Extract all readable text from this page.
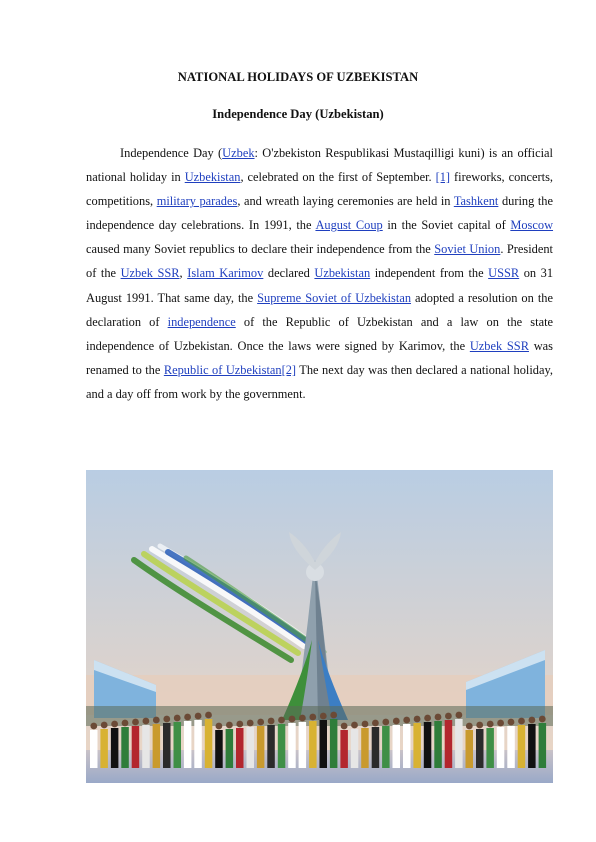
NATIONAL HOLIDAYS OF UZBEKISTAN
Independence Day (Uzbekistan)

Independence Day (Uzbek: O'zbekiston Respublikasi Mustaqilligi kuni) is an official national holiday in Uzbekistan, celebrated on the first of September. [1] fireworks, concerts, competitions, military parades, and wreath laying ceremonies are held in Tashkent during the independence day celebrations. In 1991, the August Coup in the Soviet capital of Moscow caused many Soviet republics to declare their independence from the Soviet Union. President of the Uzbek SSR, Islam Karimov declared Uzbekistan independent from the USSR on 31 August 1991. That same day, the Supreme Soviet of Uzbekistan adopted a resolution on the declaration of independence of the Republic of Uzbekistan and a law on the state independence of Uzbekistan. Once the laws were signed by Karimov, the Uzbek SSR was renamed to the Republic of Uzbekistan[2] The next day was then declared a national holiday, and a day off from work by the government.
